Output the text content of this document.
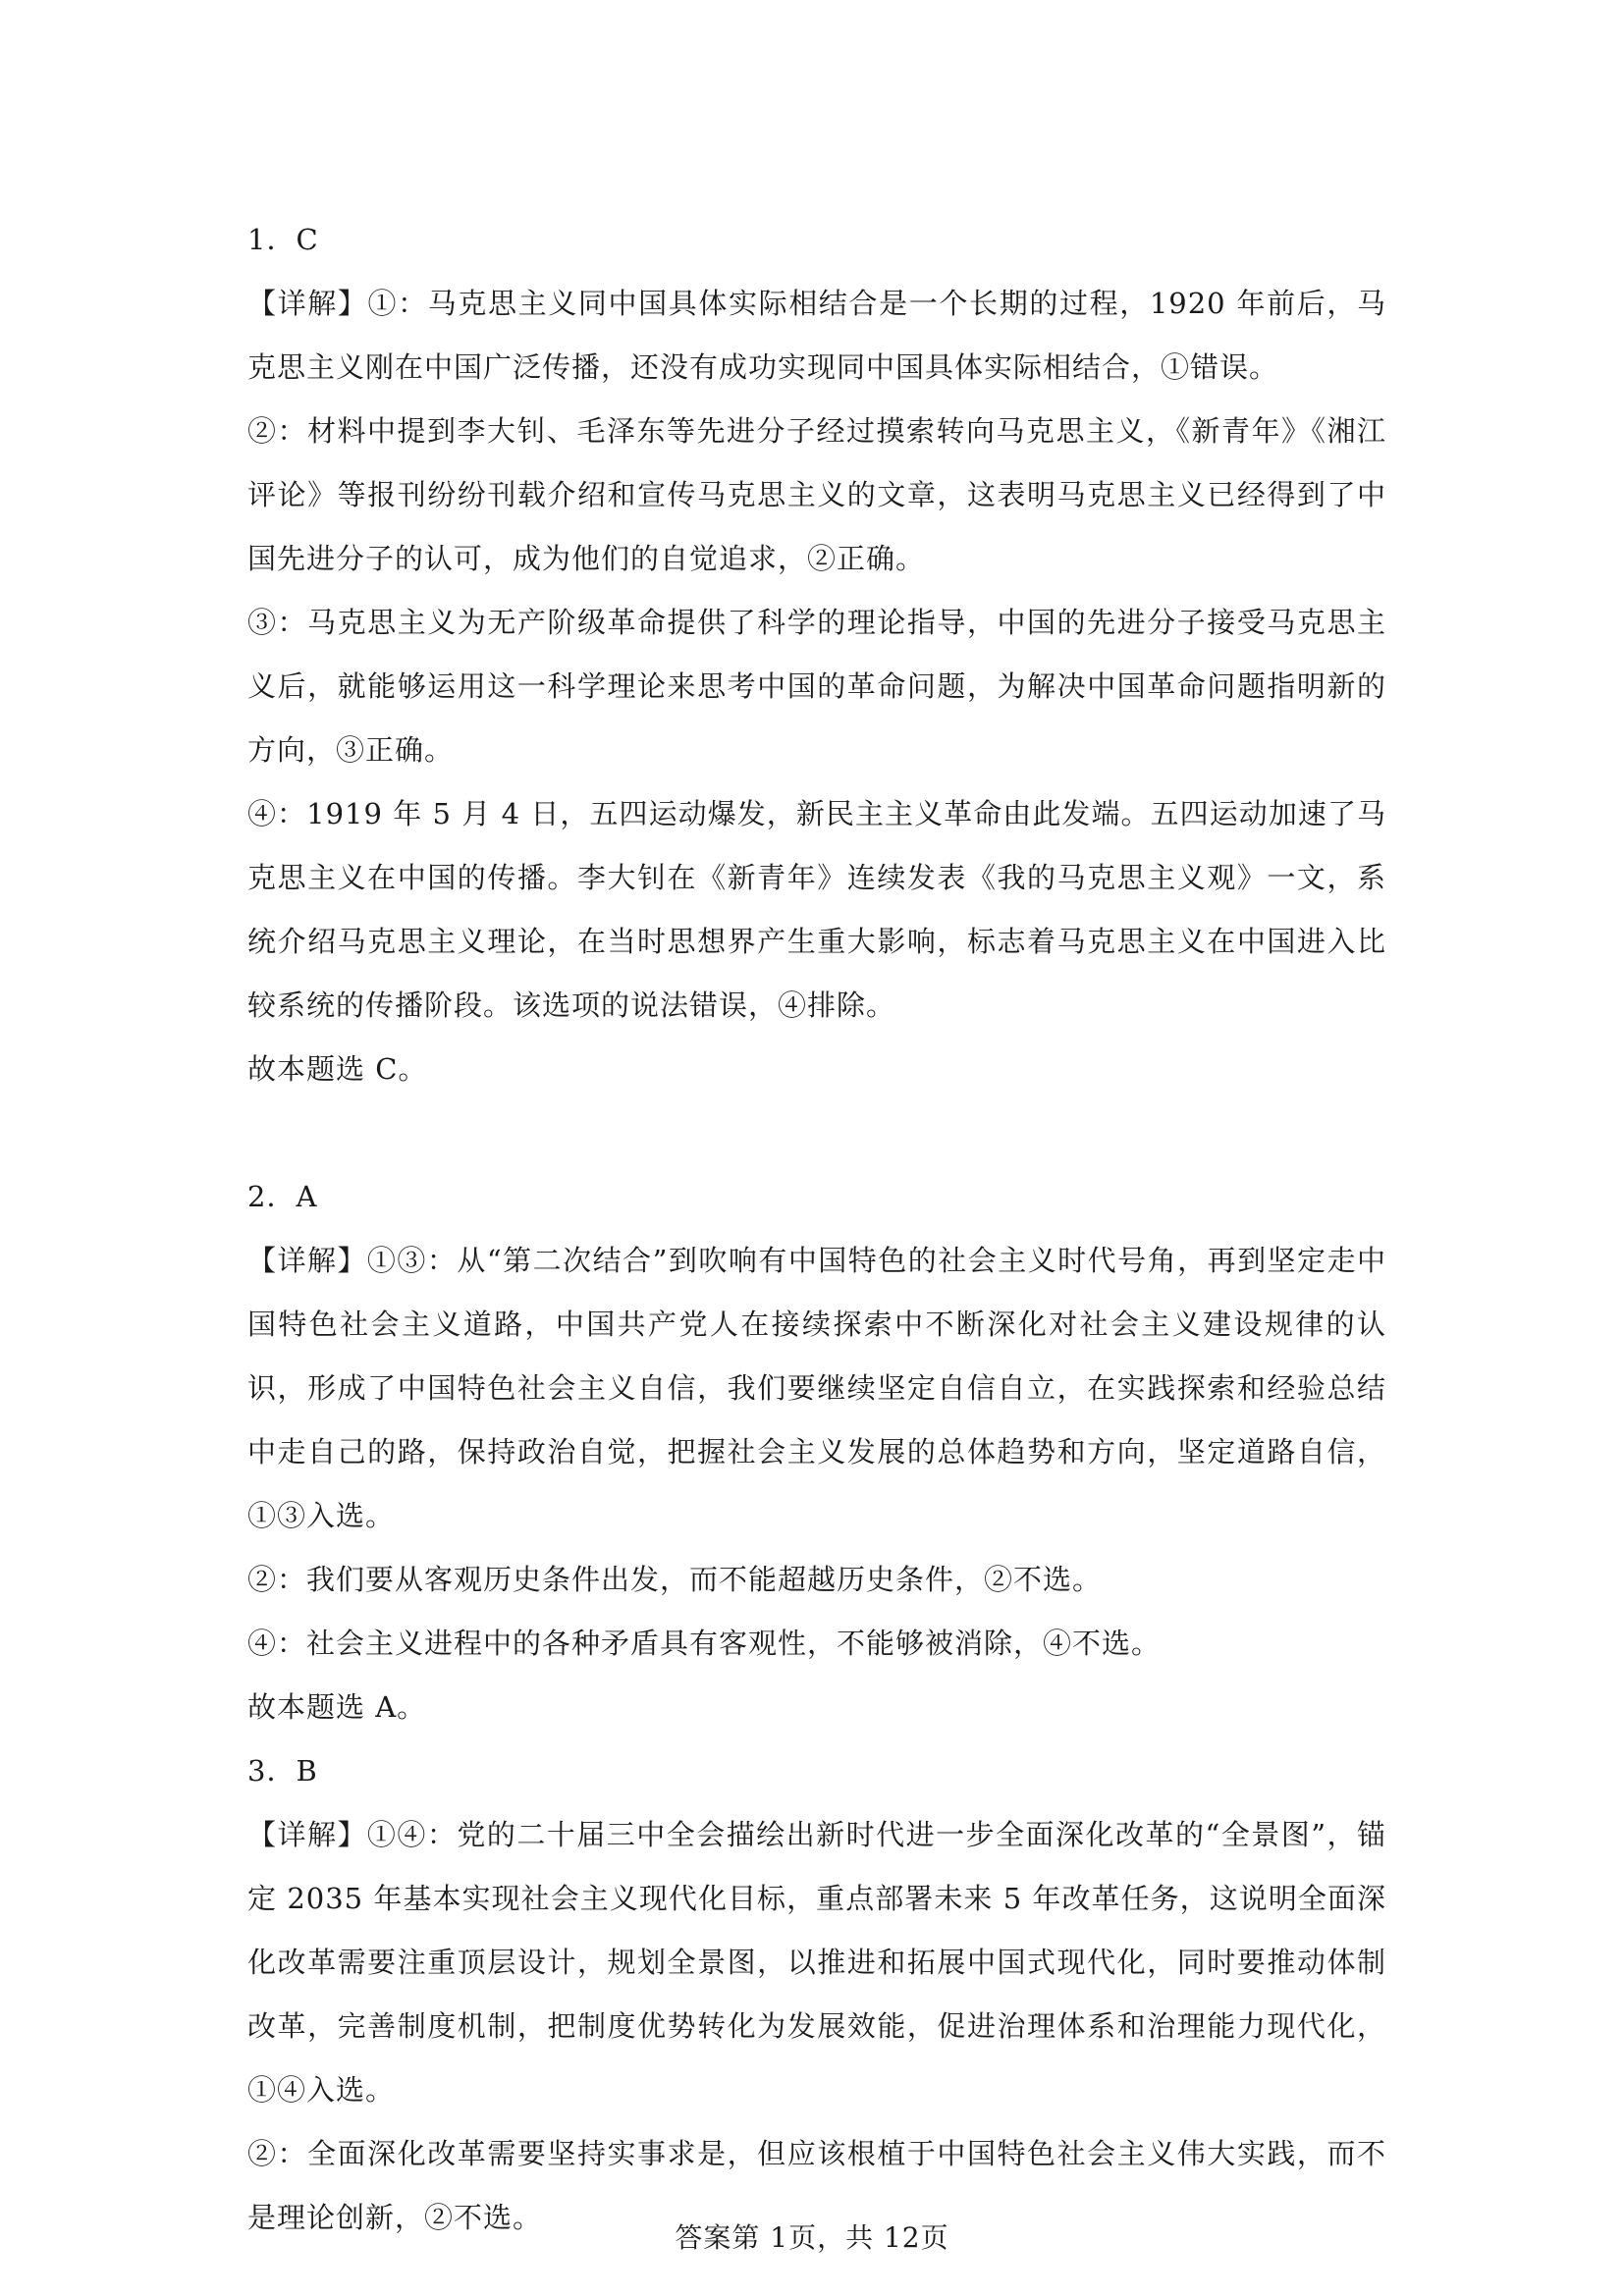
1．C

【详解】①：马克思主义同中国具体实际相结合是一个长期的过程，1920 年前后，马克思主义刚在中国广泛传播，还没有成功实现同中国具体实际相结合，①错误。

②：材料中提到李大钊、毛泽东等先进分子经过摸索转向马克思主义，《新青年》《湘江评论》等报刊纷纷刊载介绍和宣传马克思主义的文章，这表明马克思主义已经得到了中国先进分子的认可，成为他们的自觉追求，②正确。

③：马克思主义为无产阶级革命提供了科学的理论指导，中国的先进分子接受马克思主义后，就能够运用这一科学理论来思考中国的革命问题，为解决中国革命问题指明新的方向，③正确。

④：1919 年 5 月 4 日，五四运动爆发，新民主主义革命由此发端。五四运动加速了马克思主义在中国的传播。李大钊在《新青年》连续发表《我的马克思主义观》一文，系统介绍马克思主义理论，在当时思想界产生重大影响，标志着马克思主义在中国进入比较系统的传播阶段。该选项的说法错误，④排除。

故本题选 C。

2．A

【详解】①③：从“第二次结合”到吹响有中国特色的社会主义时代号角，再到坚定走中国特色社会主义道路，中国共产党人在接续探索中不断深化对社会主义建设规律的认识，形成了中国特色社会主义自信，我们要继续坚定自信自立，在实践探索和经验总结中走自己的路，保持政治自觉，把握社会主义发展的总体趋势和方向，坚定道路自信，①③入选。

②：我们要从客观历史条件出发，而不能超越历史条件，②不选。

④：社会主义进程中的各种矛盾具有客观性，不能够被消除，④不选。

故本题选 A。

3．B

【详解】①④：党的二十届三中全会描绘出新时代进一步全面深化改革的“全景图”，锚定 2035 年基本实现社会主义现代化目标，重点部署未来 5 年改革任务，这说明全面深化改革需要注重顶层设计，规划全景图，以推进和拓展中国式现代化，同时要推动体制改革，完善制度机制，把制度优势转化为发展效能，促进治理体系和治理能力现代化，①④入选。

②：全面深化改革需要坚持实事求是，但应该根植于中国特色社会主义伟大实践，而不是理论创新，②不选。

答案第 1页，共 12页
